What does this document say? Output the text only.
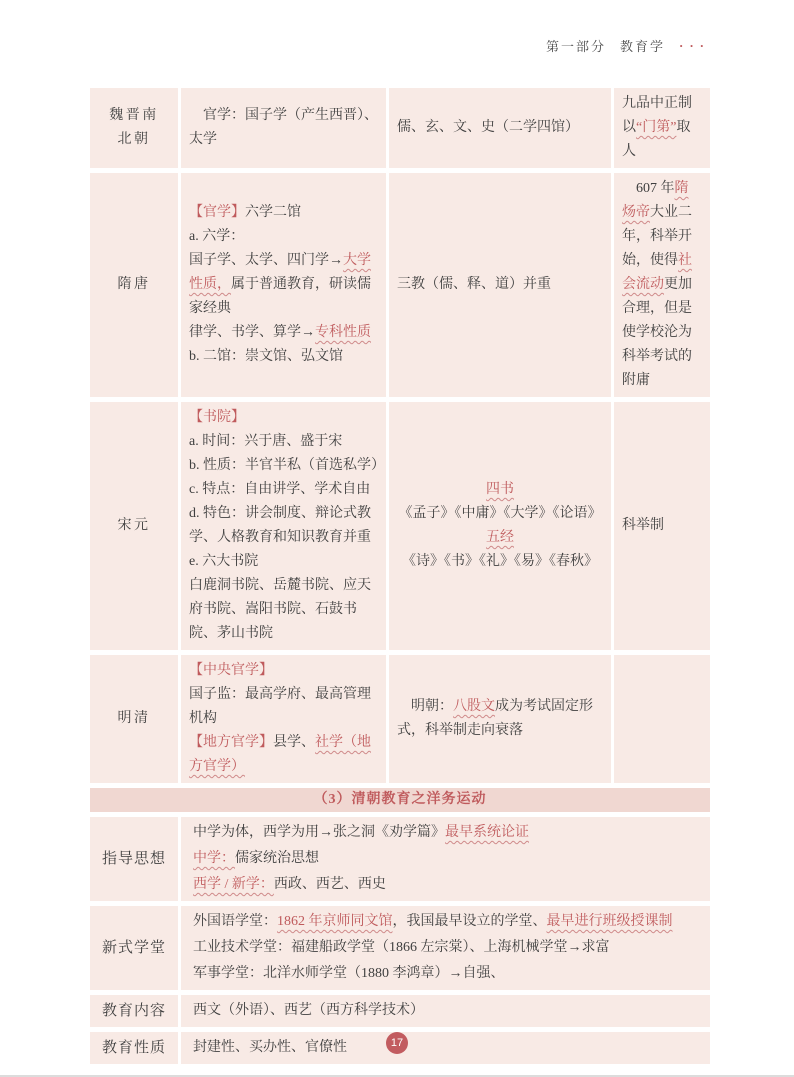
第一部分 教育学 ···
魏晋南北朝
官学：国子学（产生西晋）、太学
儒、玄、文、史（二学四馆）
九品中正制以“门第”取人
隋唐
【官学】六学二馆
a. 六学：
国子学、太学、四门学→大学性质，属于普通教育，研读儒家经典
律学、书学、算学→专科性质
b. 二馆：崇文馆、弘文馆
三教（儒、释、道）并重
607 年隋炀帝大业二年，科举开始，使得社会流动更加合理，但是使学校沦为科举考试的附庸
宋元
【书院】
a. 时间：兴于唐、盛于宋
b. 性质：半官半私（首选私学）
c. 特点：自由讲学、学术自由
d. 特色：讲会制度、辩论式教学、人格教育和知识教育并重
e. 六大书院
白鹿洞书院、岳麓书院、应天府书院、嵩阳书院、石鼓书院、茅山书院
四书
《孟子》《中庸》《大学》《论语》
五经
《诗》《书》《礼》《易》《春秋》
科举制
明清
【中央官学】
国子监：最高学府、最高管理机构
【地方官学】县学、社学（地方官学）
明朝：八股文成为考试固定形式，科举制走向衰落
（3）清朝教育之洋务运动
指导思想
中学为体，西学为用→张之洞《劝学篇》最早系统论证
中学：儒家统治思想
西学 / 新学：西政、西艺、西史
新式学堂
外国语学堂：1862 年京师同文馆，我国最早设立的学堂、最早进行班级授课制
工业技术学堂：福建船政学堂（1866 左宗棠）、上海机械学堂→求富
军事学堂：北洋水师学堂（1880 李鸿章）→自强、
教育内容 西文（外语）、西艺（西方科学技术）
教育性质 封建性、买办性、官僚性	17
